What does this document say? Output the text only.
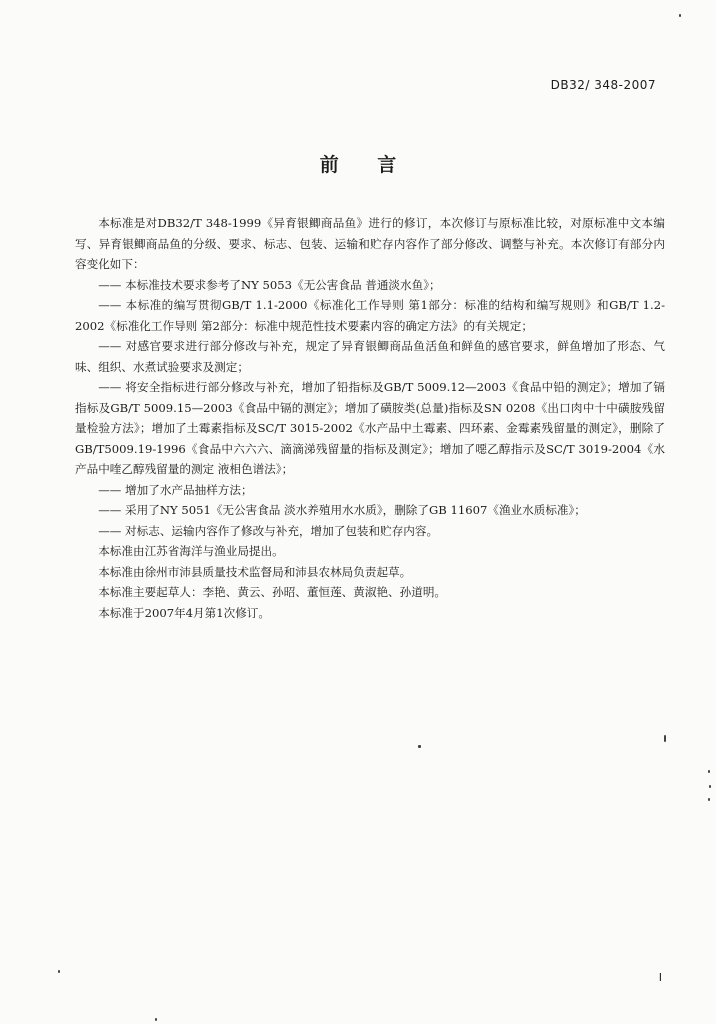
DB32/ 348-2007
前 言

本标准是对DB32/T 348-1999《异育银鲫商品鱼》进行的修订，本次修订与原标准比较，对原标准中文本编写、异育银鲫商品鱼的分级、要求、标志、包装、运输和贮存内容作了部分修改、调整与补充。本次修订有部分内容变化如下：

—— 本标准技术要求参考了NY 5053《无公害食品 普通淡水鱼》；

—— 本标准的编写贯彻GB/T 1.1-2000《标准化工作导则 第1部分：标准的结构和编写规则》和GB/T 1.2-2002《标准化工作导则 第2部分：标准中规范性技术要素内容的确定方法》的有关规定；

—— 对感官要求进行部分修改与补充，规定了异育银鲫商品鱼活鱼和鲜鱼的感官要求，鲜鱼增加了形态、气味、组织、水煮试验要求及测定；

—— 将安全指标进行部分修改与补充，增加了铅指标及GB/T 5009.12—2003《食品中铅的测定》；增加了镉指标及GB/T 5009.15—2003《食品中镉的测定》；增加了磺胺类(总量)指标及SN 0208《出口肉中十中磺胺残留量检验方法》；增加了土霉素指标及SC/T 3015-2002《水产品中土霉素、四环素、金霉素残留量的测定》，删除了GB/T5009.19-1996《食品中六六六、滴滴涕残留量的指标及测定》；增加了噁乙醇指示及SC/T 3019-2004《水产品中喹乙醇残留量的测定 液相色谱法》；

—— 增加了水产品抽样方法；

—— 采用了NY 5051《无公害食品 淡水养殖用水水质》，删除了GB 11607《渔业水质标准》；

—— 对标志、运输内容作了修改与补充，增加了包装和贮存内容。

本标准由江苏省海洋与渔业局提出。

本标准由徐州市沛县质量技术监督局和沛县农林局负责起草。

本标准主要起草人：李艳、黄云、孙昭、董恒莲、黄淑艳、孙道明。

本标准于2007年4月第1次修订。

I
